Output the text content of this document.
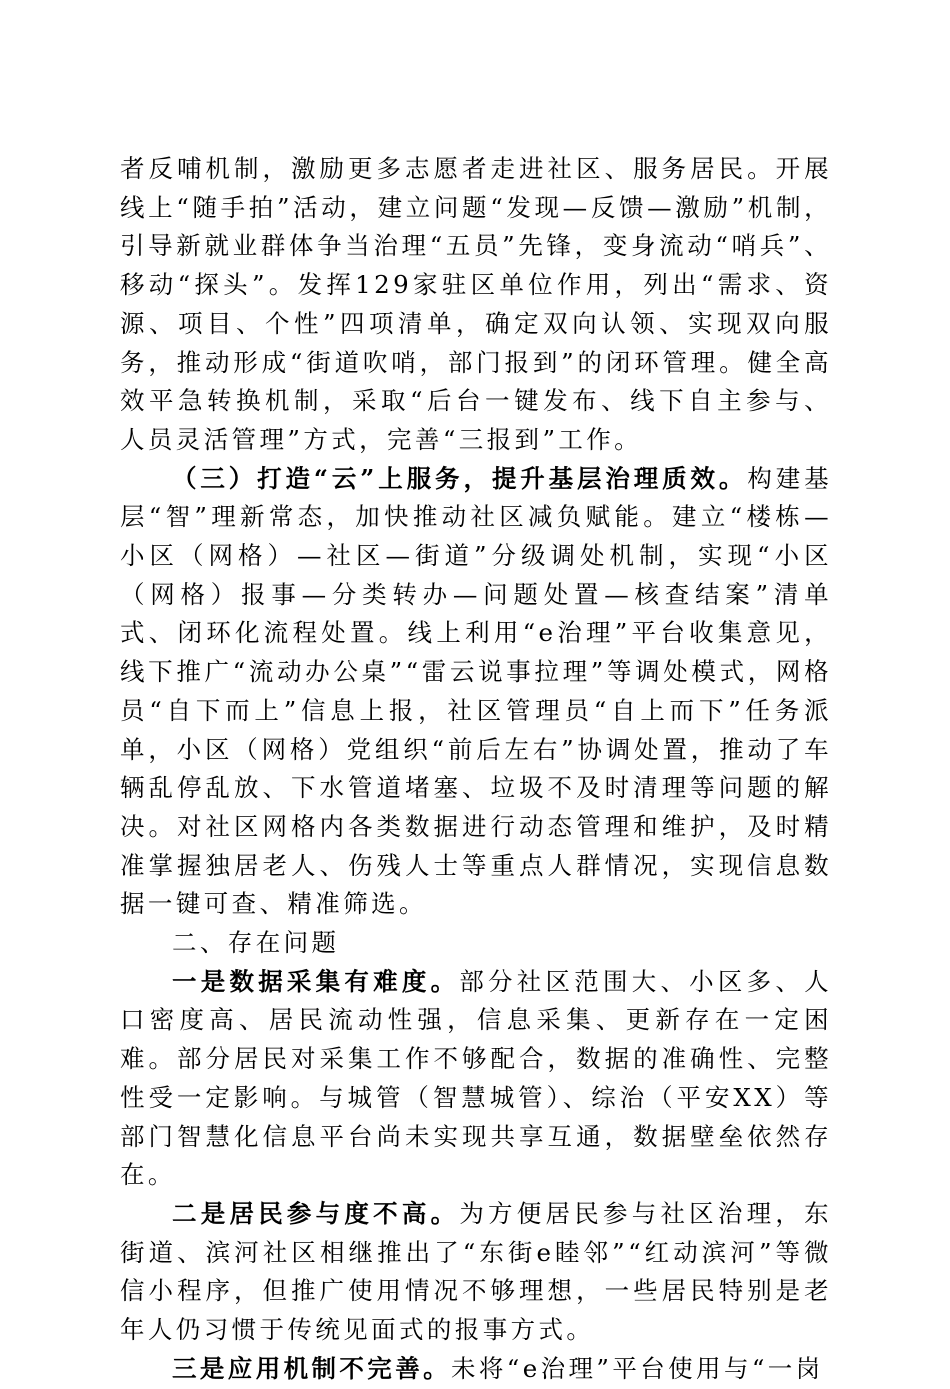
者反哺机制，激励更多志愿者走进社区、服务居民。开展线上“随手拍”活动，建立问题“发现—反馈—激励”机制，引导新就业群体争当治理“五员”先锋，变身流动“哨兵”、移动“探头”。发挥129家驻区单位作用，列出“需求、资源、项目、个性”四项清单，确定双向认领、实现双向服务，推动形成“街道吹哨，部门报到”的闭环管理。健全高效平急转换机制，采取“后台一键发布、线下自主参与、人员灵活管理”方式，完善“三报到”工作。

（三）打造“云”上服务，提升基层治理质效。构建基层“智”理新常态，加快推动社区减负赋能。建立“楼栋—小区（网格）—社区—街道”分级调处机制，实现“小区（网格）报事—分类转办—问题处置—核查结案”清单式、闭环化流程处置。线上利用“e治理”平台收集意见，线下推广“流动办公桌”“雷云说事拉理”等调处模式，网格员“自下而上”信息上报，社区管理员“自上而下”任务派单，小区（网格）党组织“前后左右”协调处置，推动了车辆乱停乱放、下水管道堵塞、垃圾不及时清理等问题的解决。对社区网格内各类数据进行动态管理和维护，及时精准掌握独居老人、伤残人士等重点人群情况，实现信息数据一键可查、精准筛选。

二、存在问题

一是数据采集有难度。部分社区范围大、小区多、人口密度高、居民流动性强，信息采集、更新存在一定困难。部分居民对采集工作不够配合，数据的准确性、完整性受一定影响。与城管（智慧城管）、综治（平安XX）等部门智慧化信息平台尚未实现共享互通，数据壁垒依然存在。

二是居民参与度不高。为方便居民参与社区治理，东街道、滨河社区相继推出了“东街e睦邻”“红动滨河”等微信小程序，但推广使用情况不够理想，一些居民特别是老年人仍习惯于传统见面式的报事方式。

三是应用机制不完善。未将“e治理”平台使用与“一岗
